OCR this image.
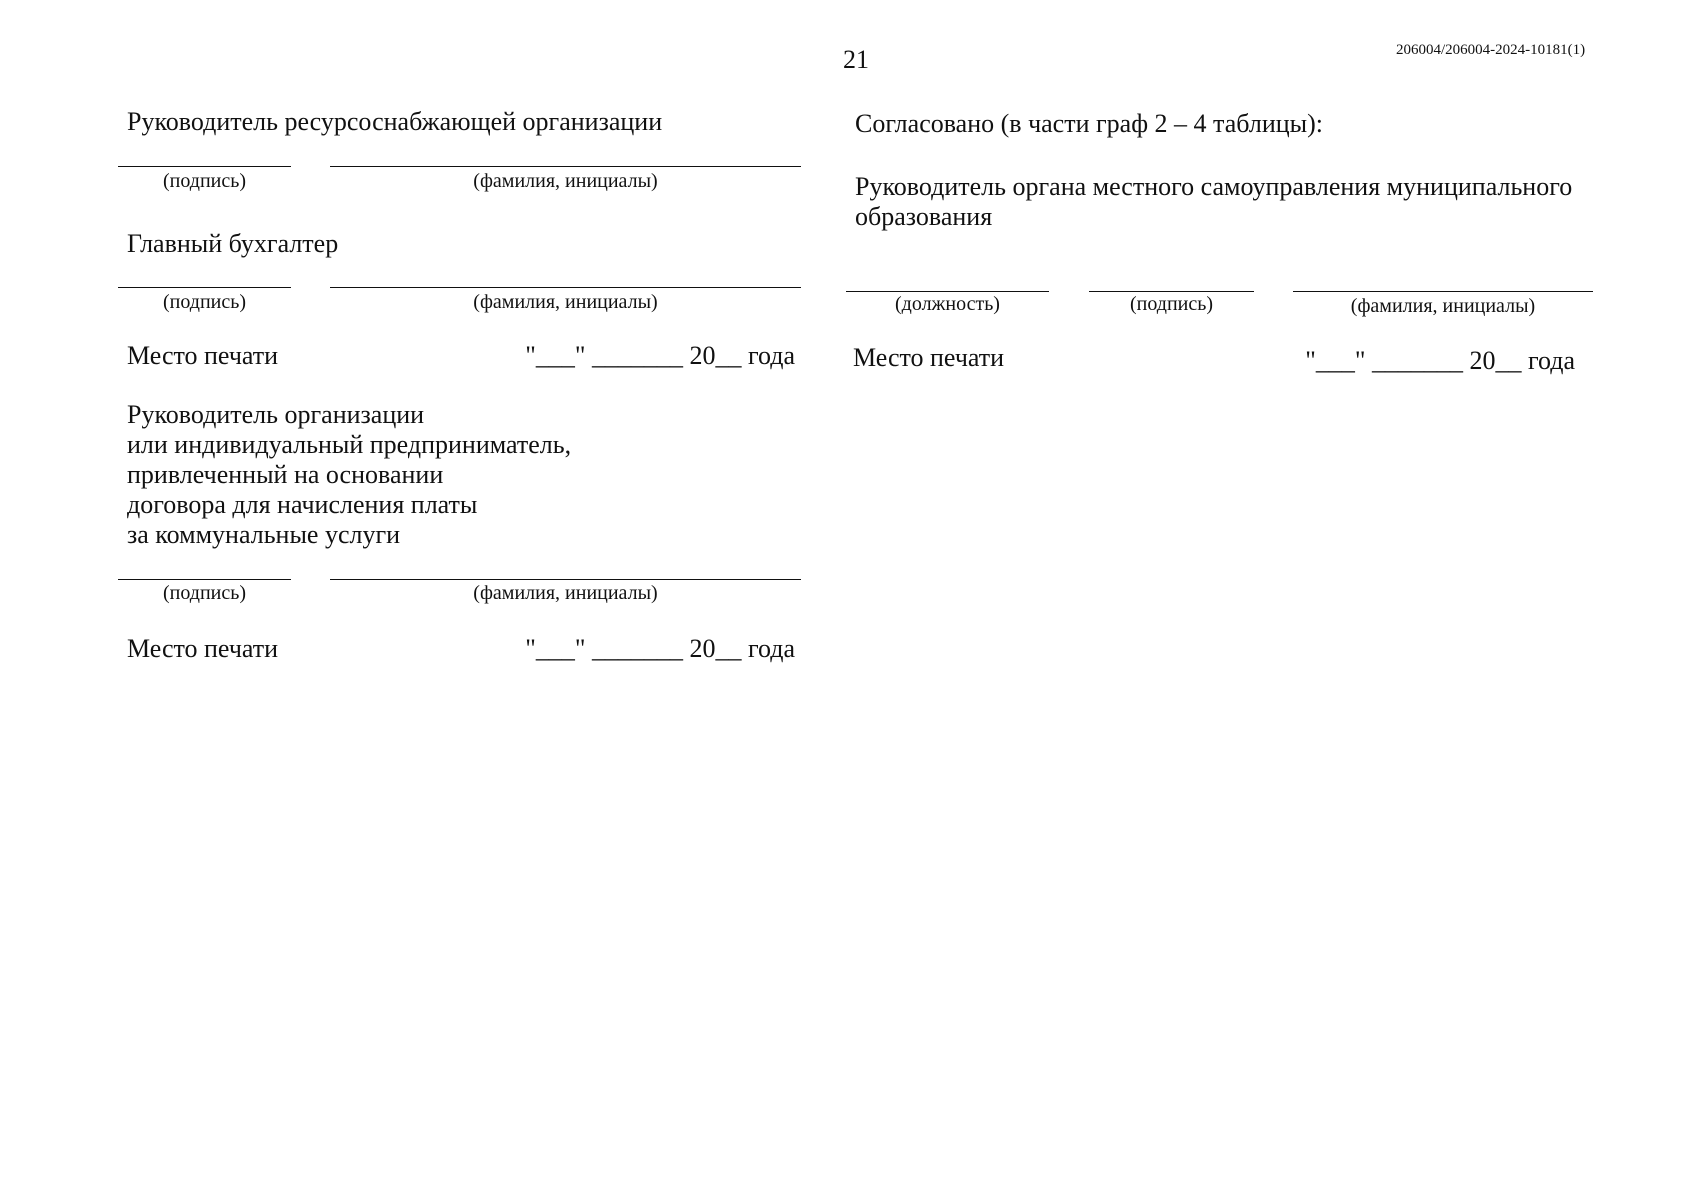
21	206004/206004-2024-10181(1)
Руководитель ресурсоснабжающей организации
(подпись)	(фамилия, инициалы)
Главный бухгалтер
(подпись)	(фамилия, инициалы)
Место печати	"___" _______ 20__ года
Руководитель организации
или индивидуальный предприниматель,
привлеченный на основании
договора для начисления платы
за коммунальные услуги
(подпись)	(фамилия, инициалы)
Место печати	"___" _______ 20__ года
Согласовано (в части граф 2 – 4 таблицы):
Руководитель органа местного самоуправления муниципального
образования
(должность)	(подпись)	(фамилия, инициалы)
Место печати	"___" _______ 20__ года
